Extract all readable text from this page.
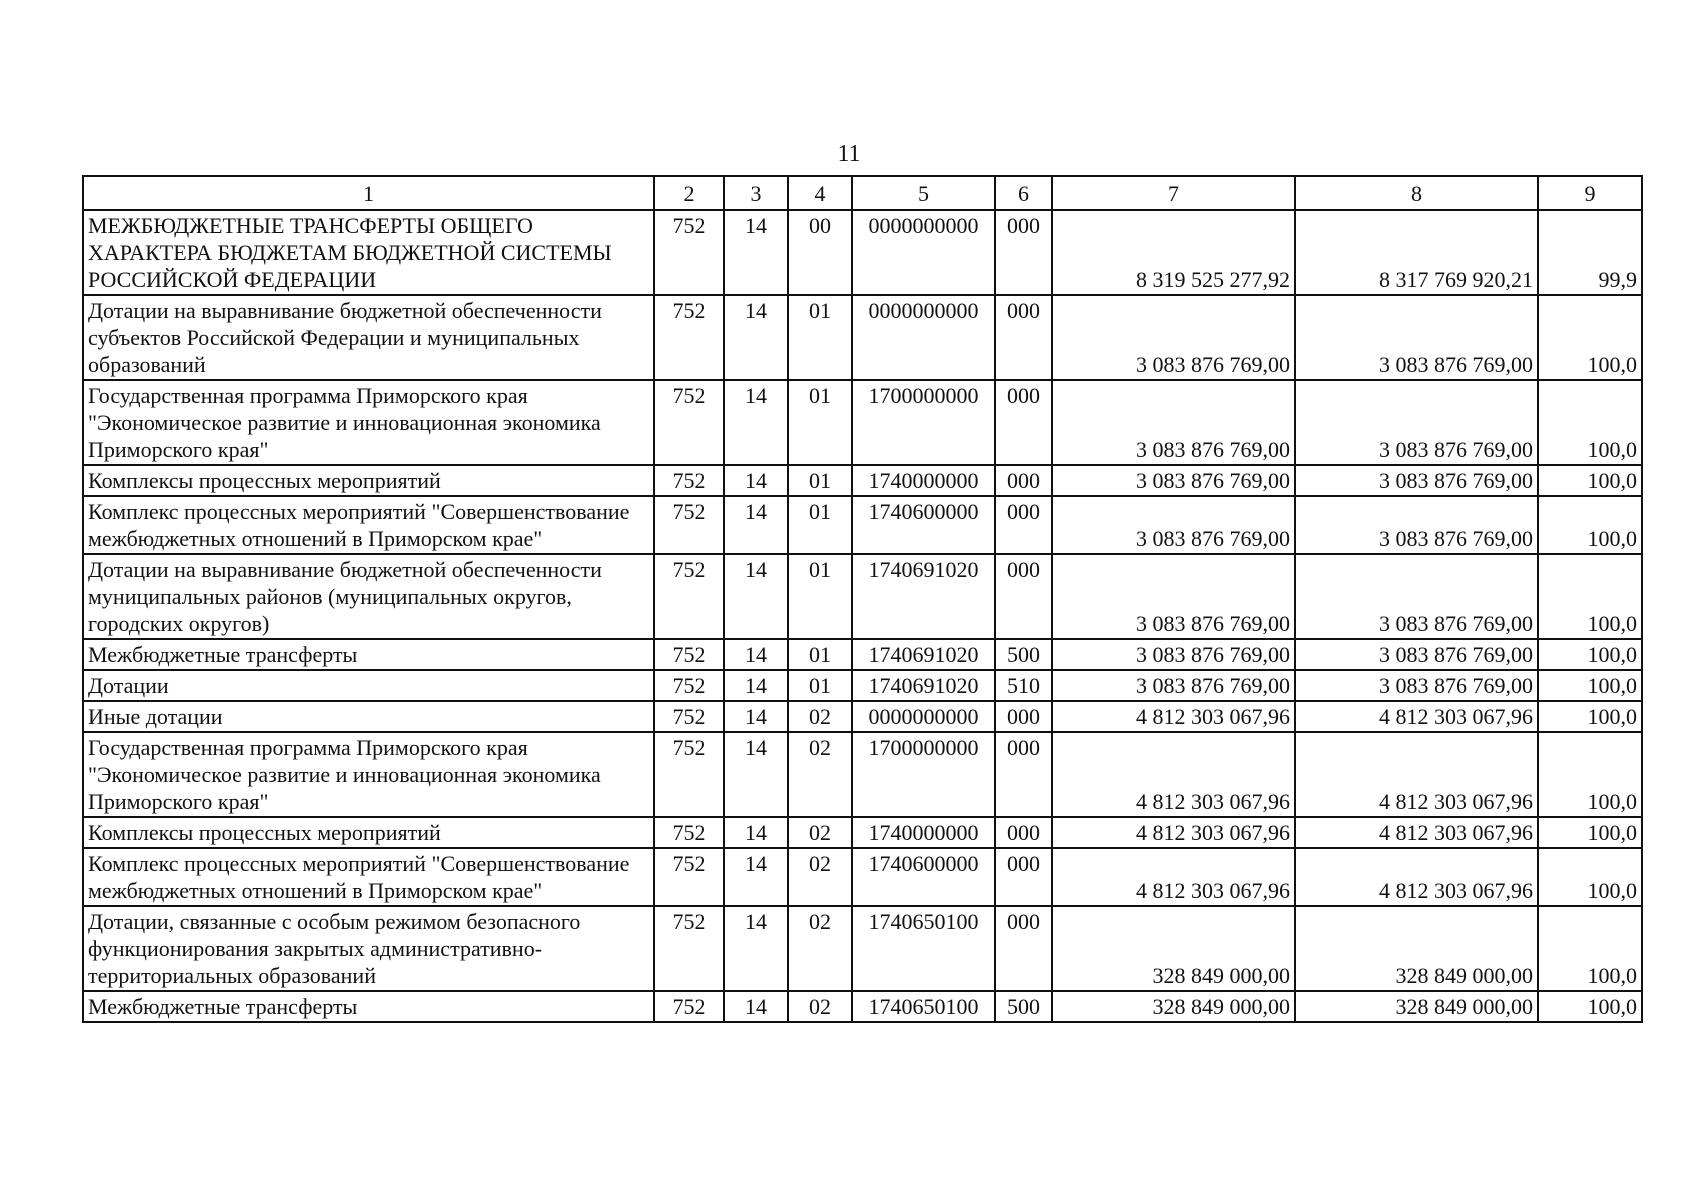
11
1	2	3	4	5	6	7	8	9
МЕЖБЮДЖЕТНЫЕ ТРАНСФЕРТЫ ОБЩЕГО ХАРАКТЕРА БЮДЖЕТАМ БЮДЖЕТНОЙ СИСТЕМЫ РОССИЙСКОЙ ФЕДЕРАЦИИ	752	14	00	0000000000	000	8 319 525 277,92	8 317 769 920,21	99,9
Дотации на выравнивание бюджетной обеспеченности субъектов Российской Федерации и муниципальных образований	752	14	01	0000000000	000	3 083 876 769,00	3 083 876 769,00	100,0
Государственная программа Приморского края "Экономическое развитие и инновационная экономика Приморского края"	752	14	01	1700000000	000	3 083 876 769,00	3 083 876 769,00	100,0
Комплексы процессных мероприятий	752	14	01	1740000000	000	3 083 876 769,00	3 083 876 769,00	100,0
Комплекс процессных мероприятий "Совершенствование межбюджетных отношений в Приморском крае"	752	14	01	1740600000	000	3 083 876 769,00	3 083 876 769,00	100,0
Дотации на выравнивание бюджетной обеспеченности муниципальных районов (муниципальных округов, городских округов)	752	14	01	1740691020	000	3 083 876 769,00	3 083 876 769,00	100,0
Межбюджетные трансферты	752	14	01	1740691020	500	3 083 876 769,00	3 083 876 769,00	100,0
Дотации	752	14	01	1740691020	510	3 083 876 769,00	3 083 876 769,00	100,0
Иные дотации	752	14	02	0000000000	000	4 812 303 067,96	4 812 303 067,96	100,0
Государственная программа Приморского края "Экономическое развитие и инновационная экономика Приморского края"	752	14	02	1700000000	000	4 812 303 067,96	4 812 303 067,96	100,0
Комплексы процессных мероприятий	752	14	02	1740000000	000	4 812 303 067,96	4 812 303 067,96	100,0
Комплекс процессных мероприятий "Совершенствование межбюджетных отношений в Приморском крае"	752	14	02	1740600000	000	4 812 303 067,96	4 812 303 067,96	100,0
Дотации, связанные с особым режимом безопасного функционирования закрытых административно-территориальных образований	752	14	02	1740650100	000	328 849 000,00	328 849 000,00	100,0
Межбюджетные трансферты	752	14	02	1740650100	500	328 849 000,00	328 849 000,00	100,0
